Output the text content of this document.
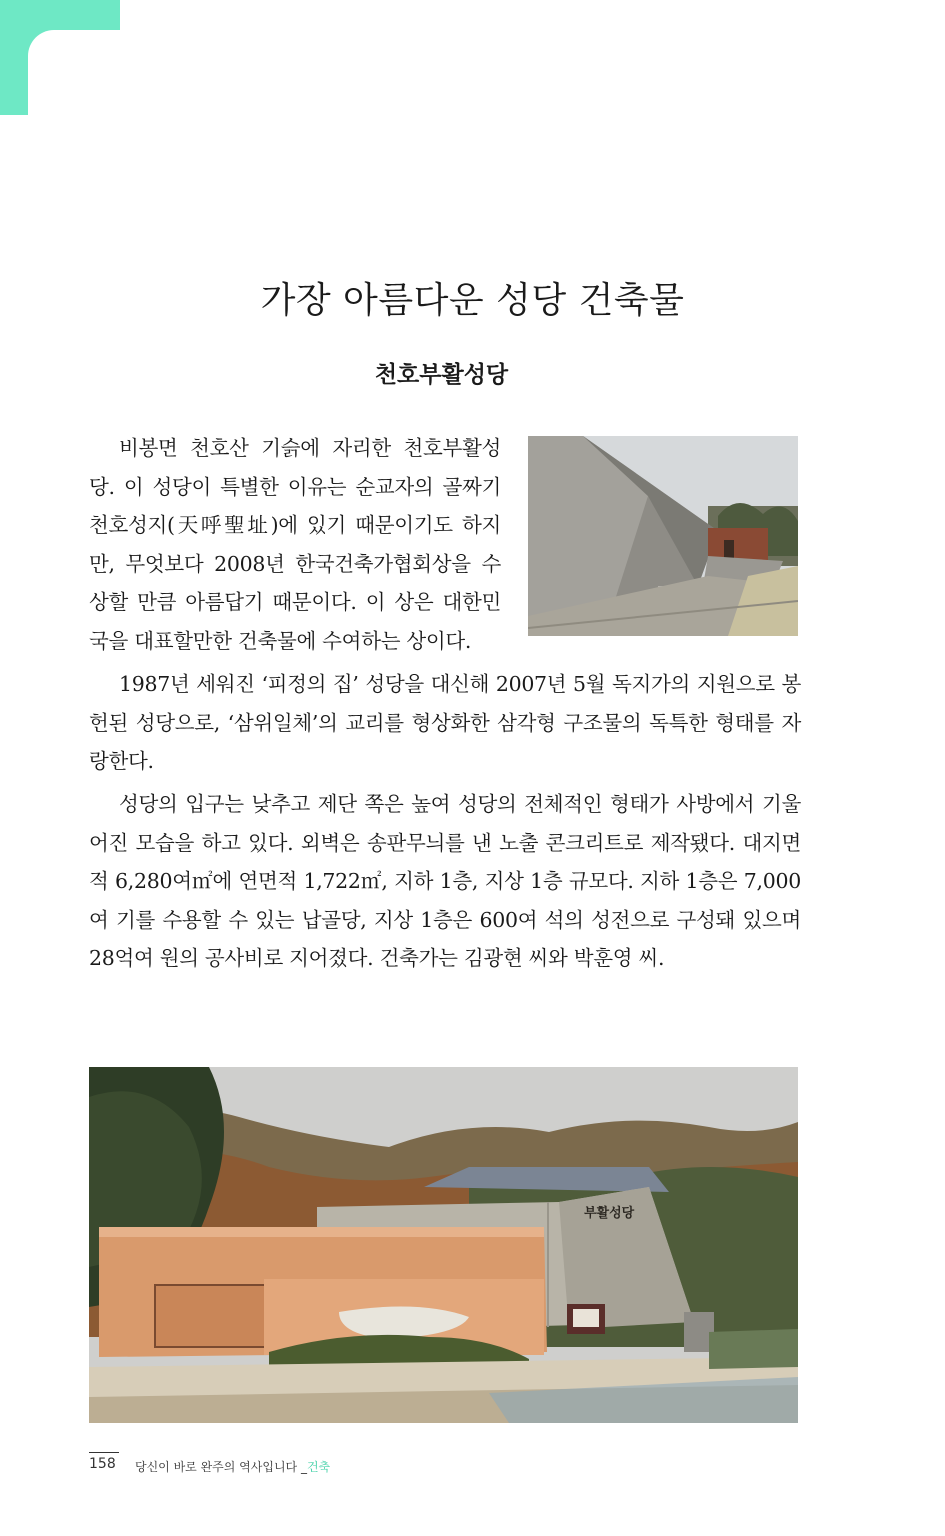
가장 아름다운 성당 건축물
천호부활성당

비봉면 천호산 기슭에 자리한 천호부활성당. 이 성당이 특별한 이유는 순교자의 골짜기 천호성지(天呼聖址)에 있기 때문이기도 하지만, 무엇보다 2008년 한국건축가협회상을 수상할 만큼 아름답기 때문이다. 이 상은 대한민국을 대표할만한 건축물에 수여하는 상이다.

1987년 세워진 ‘피정의 집’ 성당을 대신해 2007년 5월 독지가의 지원으로 봉헌된 성당으로, ‘삼위일체’의 교리를 형상화한 삼각형 구조물의 독특한 형태를 자랑한다.

성당의 입구는 낮추고 제단 쪽은 높여 성당의 전체적인 형태가 사방에서 기울어진 모습을 하고 있다. 외벽은 송판무늬를 낸 노출 콘크리트로 제작됐다. 대지면적 6,280여㎡에 연면적 1,722㎡, 지하 1층, 지상 1층 규모다. 지하 1층은 7,000여 기를 수용할 수 있는 납골당, 지상 1층은 600여 석의 성전으로 구성돼 있으며 28억여 원의 공사비로 지어졌다. 건축가는 김광현 씨와 박훈영 씨.

부활성당
158 당신이 바로 완주의 역사입니다 _건축
